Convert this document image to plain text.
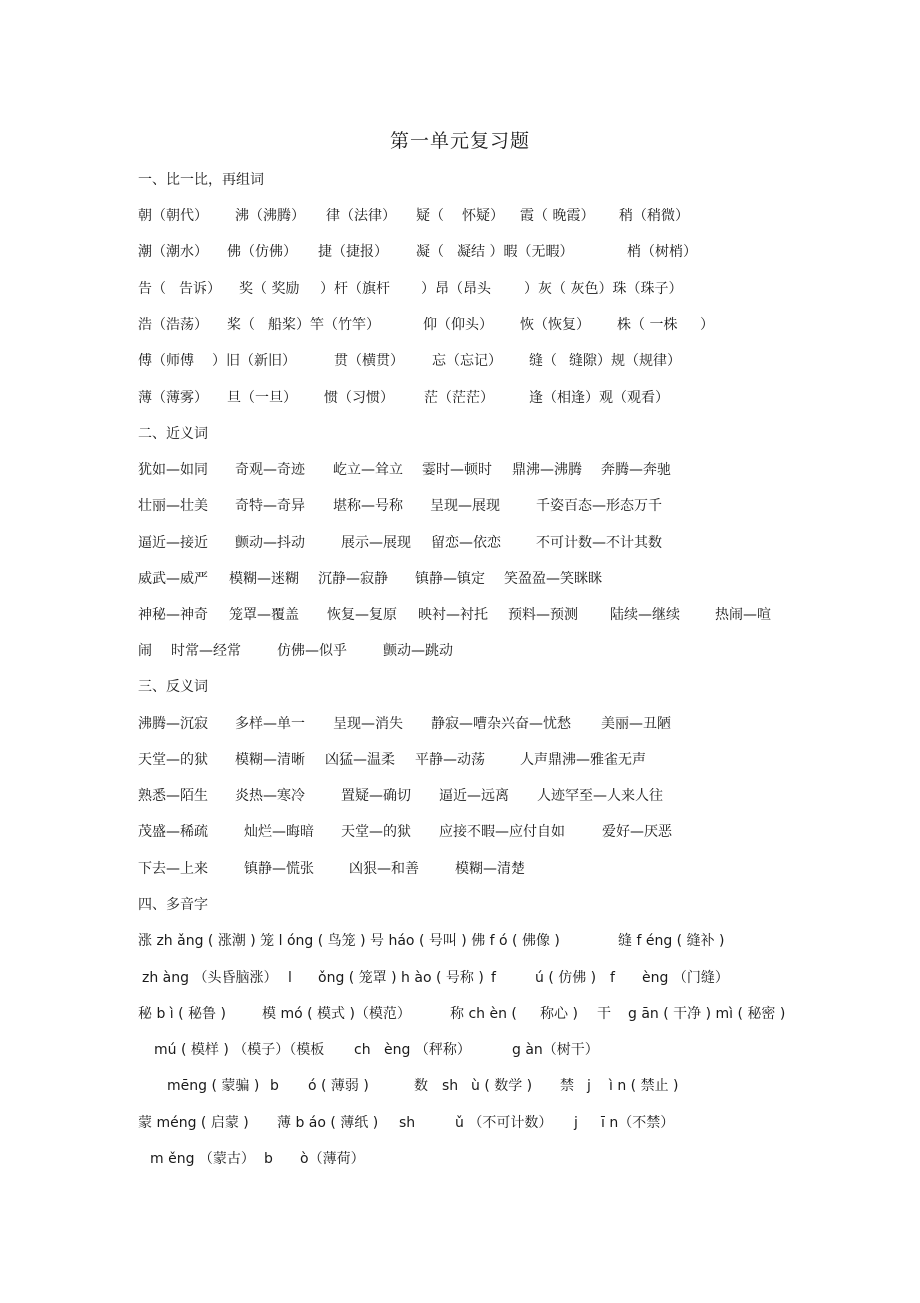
第一单元复习题
一、比一比，再组词
朝（朝代） 沸（沸腾） 律（法律） 疑（ 怀疑） 霞（ 晚霞） 稍（稍微）
潮（潮水） 佛（仿佛） 捷（捷报） 凝（ 凝结 ）暇（无暇）	梢（树梢）
告（ 告诉） 奖（ 奖励 ）杆（旗杆 ）昂（昂头 ）灰（ 灰色）珠（珠子）
浩（浩荡） 桨（ 船桨）竿（竹竿）	仰（仰头） 恢（恢复） 株（ 一株 ）
傅（师傅 ）旧（新旧）	贯（横贯） 忘（忘记） 缝（ 缝隙）规（规律）
薄（薄雾） 旦（一旦） 惯（习惯） 茫（茫茫）	逢（相逢）观（观看）
二、近义词
犹如—如同 奇观—奇迹 屹立—耸立 霎时—顿时 鼎沸—沸腾 奔腾—奔驰
壮丽—壮美 奇特—奇异 堪称—号称 呈现—展现	千姿百态—形态万千
逼近—接近 颤动—抖动	展示—展现 留恋—依恋	不可计数—不计其数
威武—威严 模糊—迷糊 沉静—寂静 镇静—镇定 笑盈盈—笑眯眯
神秘—神奇 笼罩—覆盖 恢复—复原 映衬—衬托 预料—预测 陆续—继续	热闹—喧
闹 时常—经常	仿佛—似乎	颤动—跳动
三、反义词
沸腾—沉寂 多样—单一 呈现—消失 静寂—嘈杂兴奋—忧愁 美丽—丑陋
天堂—的狱 模糊—清晰 凶猛—温柔 平静—动荡	人声鼎沸—雅雀无声
熟悉—陌生 炎热—寒冷	置疑—确切 逼近—远离 人迹罕至—人来人往
茂盛—稀疏	灿烂—晦暗 天堂—的狱 应接不暇—应付自如	爱好—厌恶
下去—上来	镇静—慌张	凶狠—和善	模糊—清楚
四、多音字
涨 zh ǎng ( 涨潮 ) 笼 l óng ( 鸟笼 ) 号 háo ( 号叫 ) 佛 f ó ( 佛像 )	缝 f éng ( 缝补 )
zh àng （头昏脑涨） l ǒng ( 笼罩 ) h ào ( 号称 ) f	ú ( 仿佛 ) f èng （门缝）
秘 b ì ( 秘鲁 )	模 mó ( 模式 )（模范）	称 ch èn ( 称心 ) 干 g ān ( 干净 ) mì ( 秘密 )
mú ( 模样 ) （模子）（模板 ch èng （秤称）	g àn（树干）
mēng ( 蒙骗 ) b ó ( 薄弱 )	数 sh ù ( 数学 ) 禁 j ì n ( 禁止 )
蒙 méng ( 启蒙 ) 薄 b áo ( 薄纸 ) sh	ǔ （不可计数） j ī n（不禁）
m ěng （蒙古） b ò（薄荷）
